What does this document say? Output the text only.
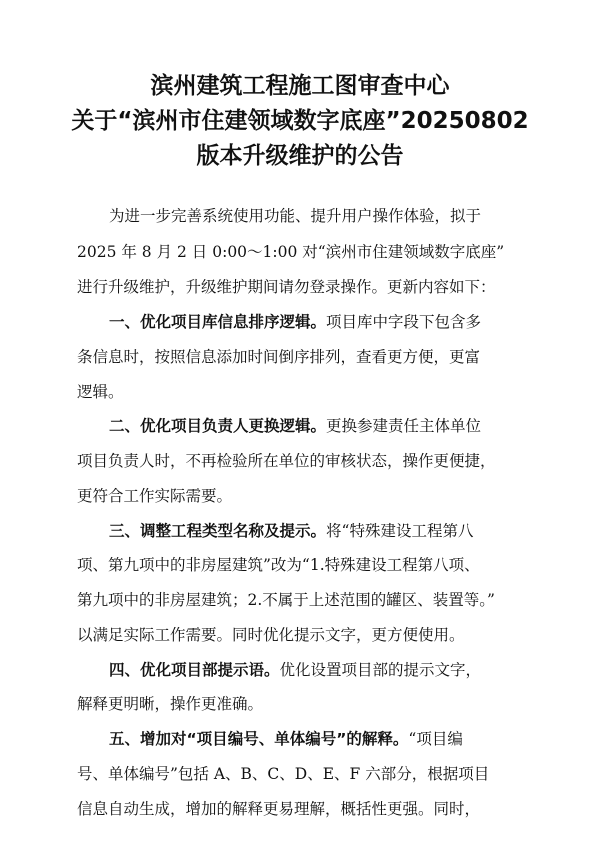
滨州建筑工程施工图审查中心
关于“滨州市住建领域数字底座”20250802
版本升级维护的公告
为进一步完善系统使用功能、提升用户操作体验，拟于
2025 年 8 月 2 日 0:00～1:00 对“滨州市住建领域数字底座”
进行升级维护，升级维护期间请勿登录操作。更新内容如下：
一、优化项目库信息排序逻辑。项目库中字段下包含多
条信息时，按照信息添加时间倒序排列，查看更方便，更富
逻辑。
二、优化项目负责人更换逻辑。更换参建责任主体单位
项目负责人时，不再检验所在单位的审核状态，操作更便捷，
更符合工作实际需要。
三、调整工程类型名称及提示。将“特殊建设工程第八
项、第九项中的非房屋建筑”改为“1.特殊建设工程第八项、
第九项中的非房屋建筑；2.不属于上述范围的罐区、装置等。”
以满足实际工作需要。同时优化提示文字，更方便使用。
四、优化项目部提示语。优化设置项目部的提示文字，
解释更明晰，操作更准确。
五、增加对“项目编号、单体编号”的解释。“项目编
号、单体编号”包括 A、B、C、D、E、F 六部分，根据项目
信息自动生成，增加的解释更易理解，概括性更强。同时，
